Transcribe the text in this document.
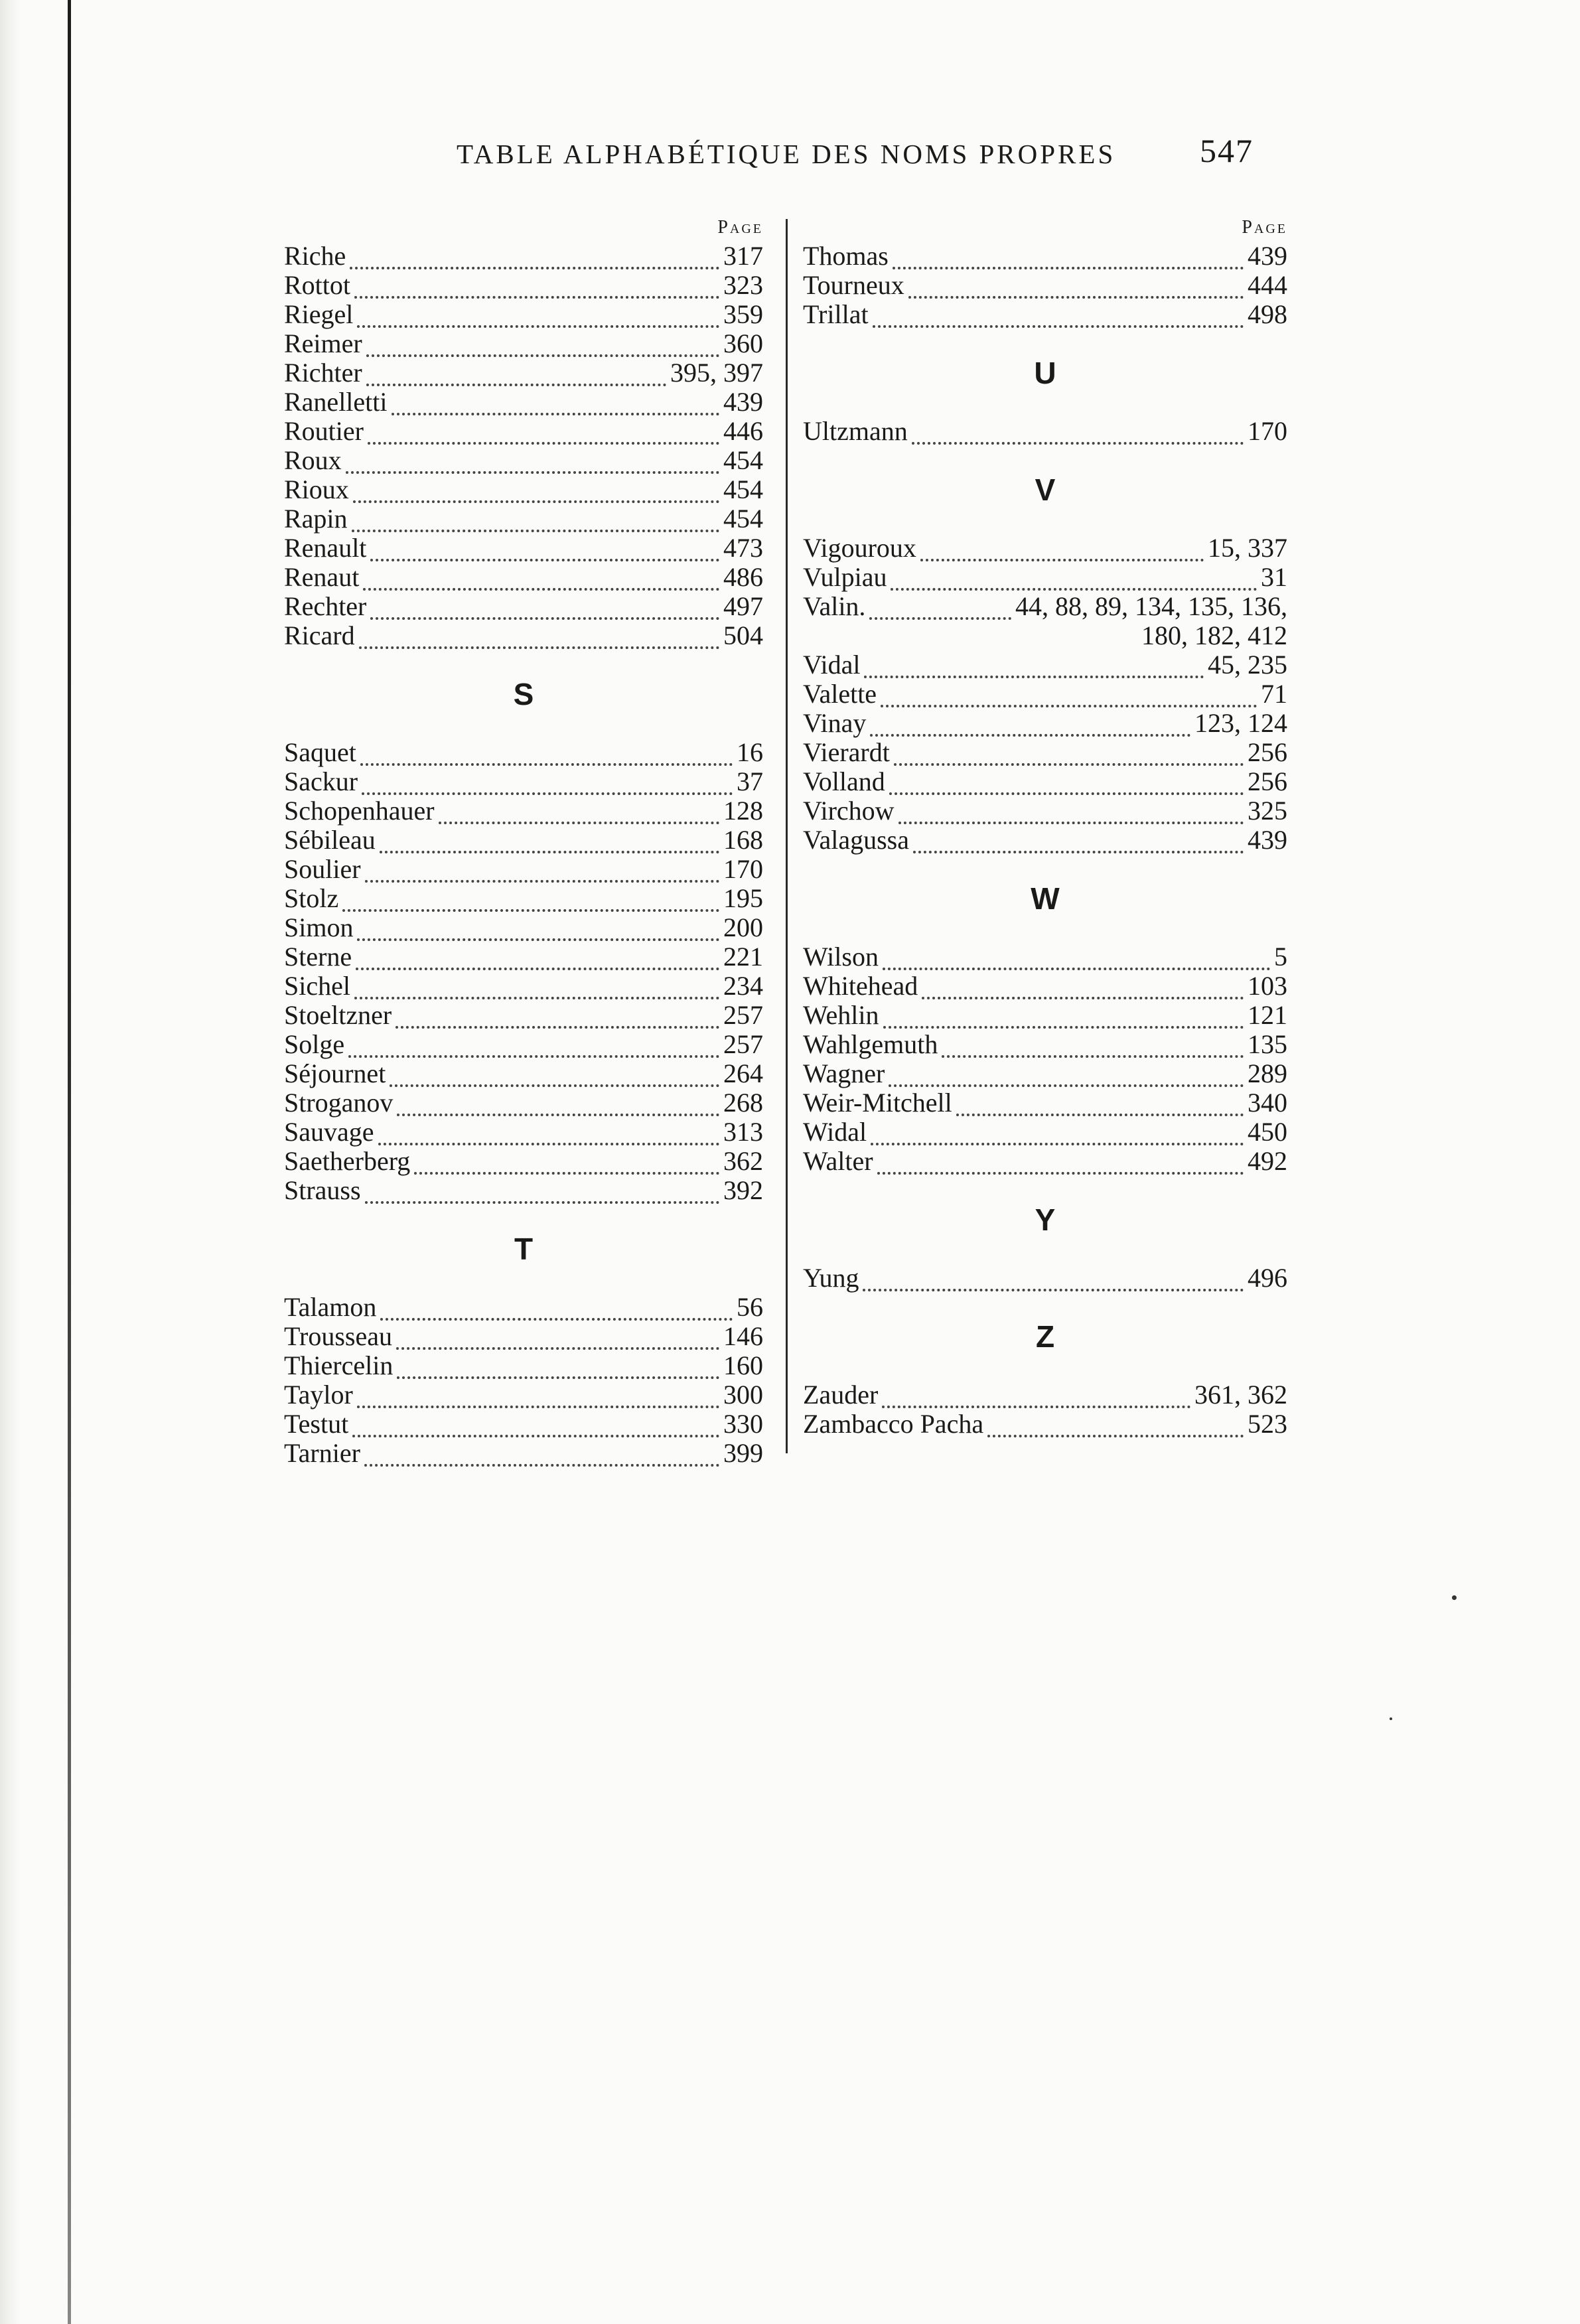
TABLE ALPHABÉTIQUE DES NOMS PROPRES	547
Page
Riche	317
Rottot	323
Riegel	359
Reimer	360
Richter	395, 397
Ranelletti	439
Routier	446
Roux	454
Rioux	454
Rapin	454
Renault	473
Renaut	486
Rechter	497
Ricard	504
S
Saquet	16
Sackur	37
Schopenhauer	128
Sébileau	168
Soulier	170
Stolz	195
Simon	200
Sterne	221
Sichel	234
Stoeltzner	257
Solge	257
Séjournet	264
Stroganov	268
Sauvage	313
Saetherberg	362
Strauss	392
T
Talamon	56
Trousseau	146
Thiercelin	160
Taylor	300
Testut	330
Tarnier	399
Page
Thomas	439
Tourneux	444
Trillat	498
U
Ultzmann	170
V
Vigouroux	15, 337
Vulpiau	31
Valin.	44, 88, 89, 134, 135, 136,
180, 182, 412
Vidal	45, 235
Valette	71
Vinay	123, 124
Vierardt	256
Volland	256
Virchow	325
Valagussa	439
W
Wilson	5
Whitehead	103
Wehlin	121
Wahlgemuth	135
Wagner	289
Weir-Mitchell	340
Widal	450
Walter	492
Y
Yung	496
Z
Zauder	361, 362
Zambacco Pacha	523
